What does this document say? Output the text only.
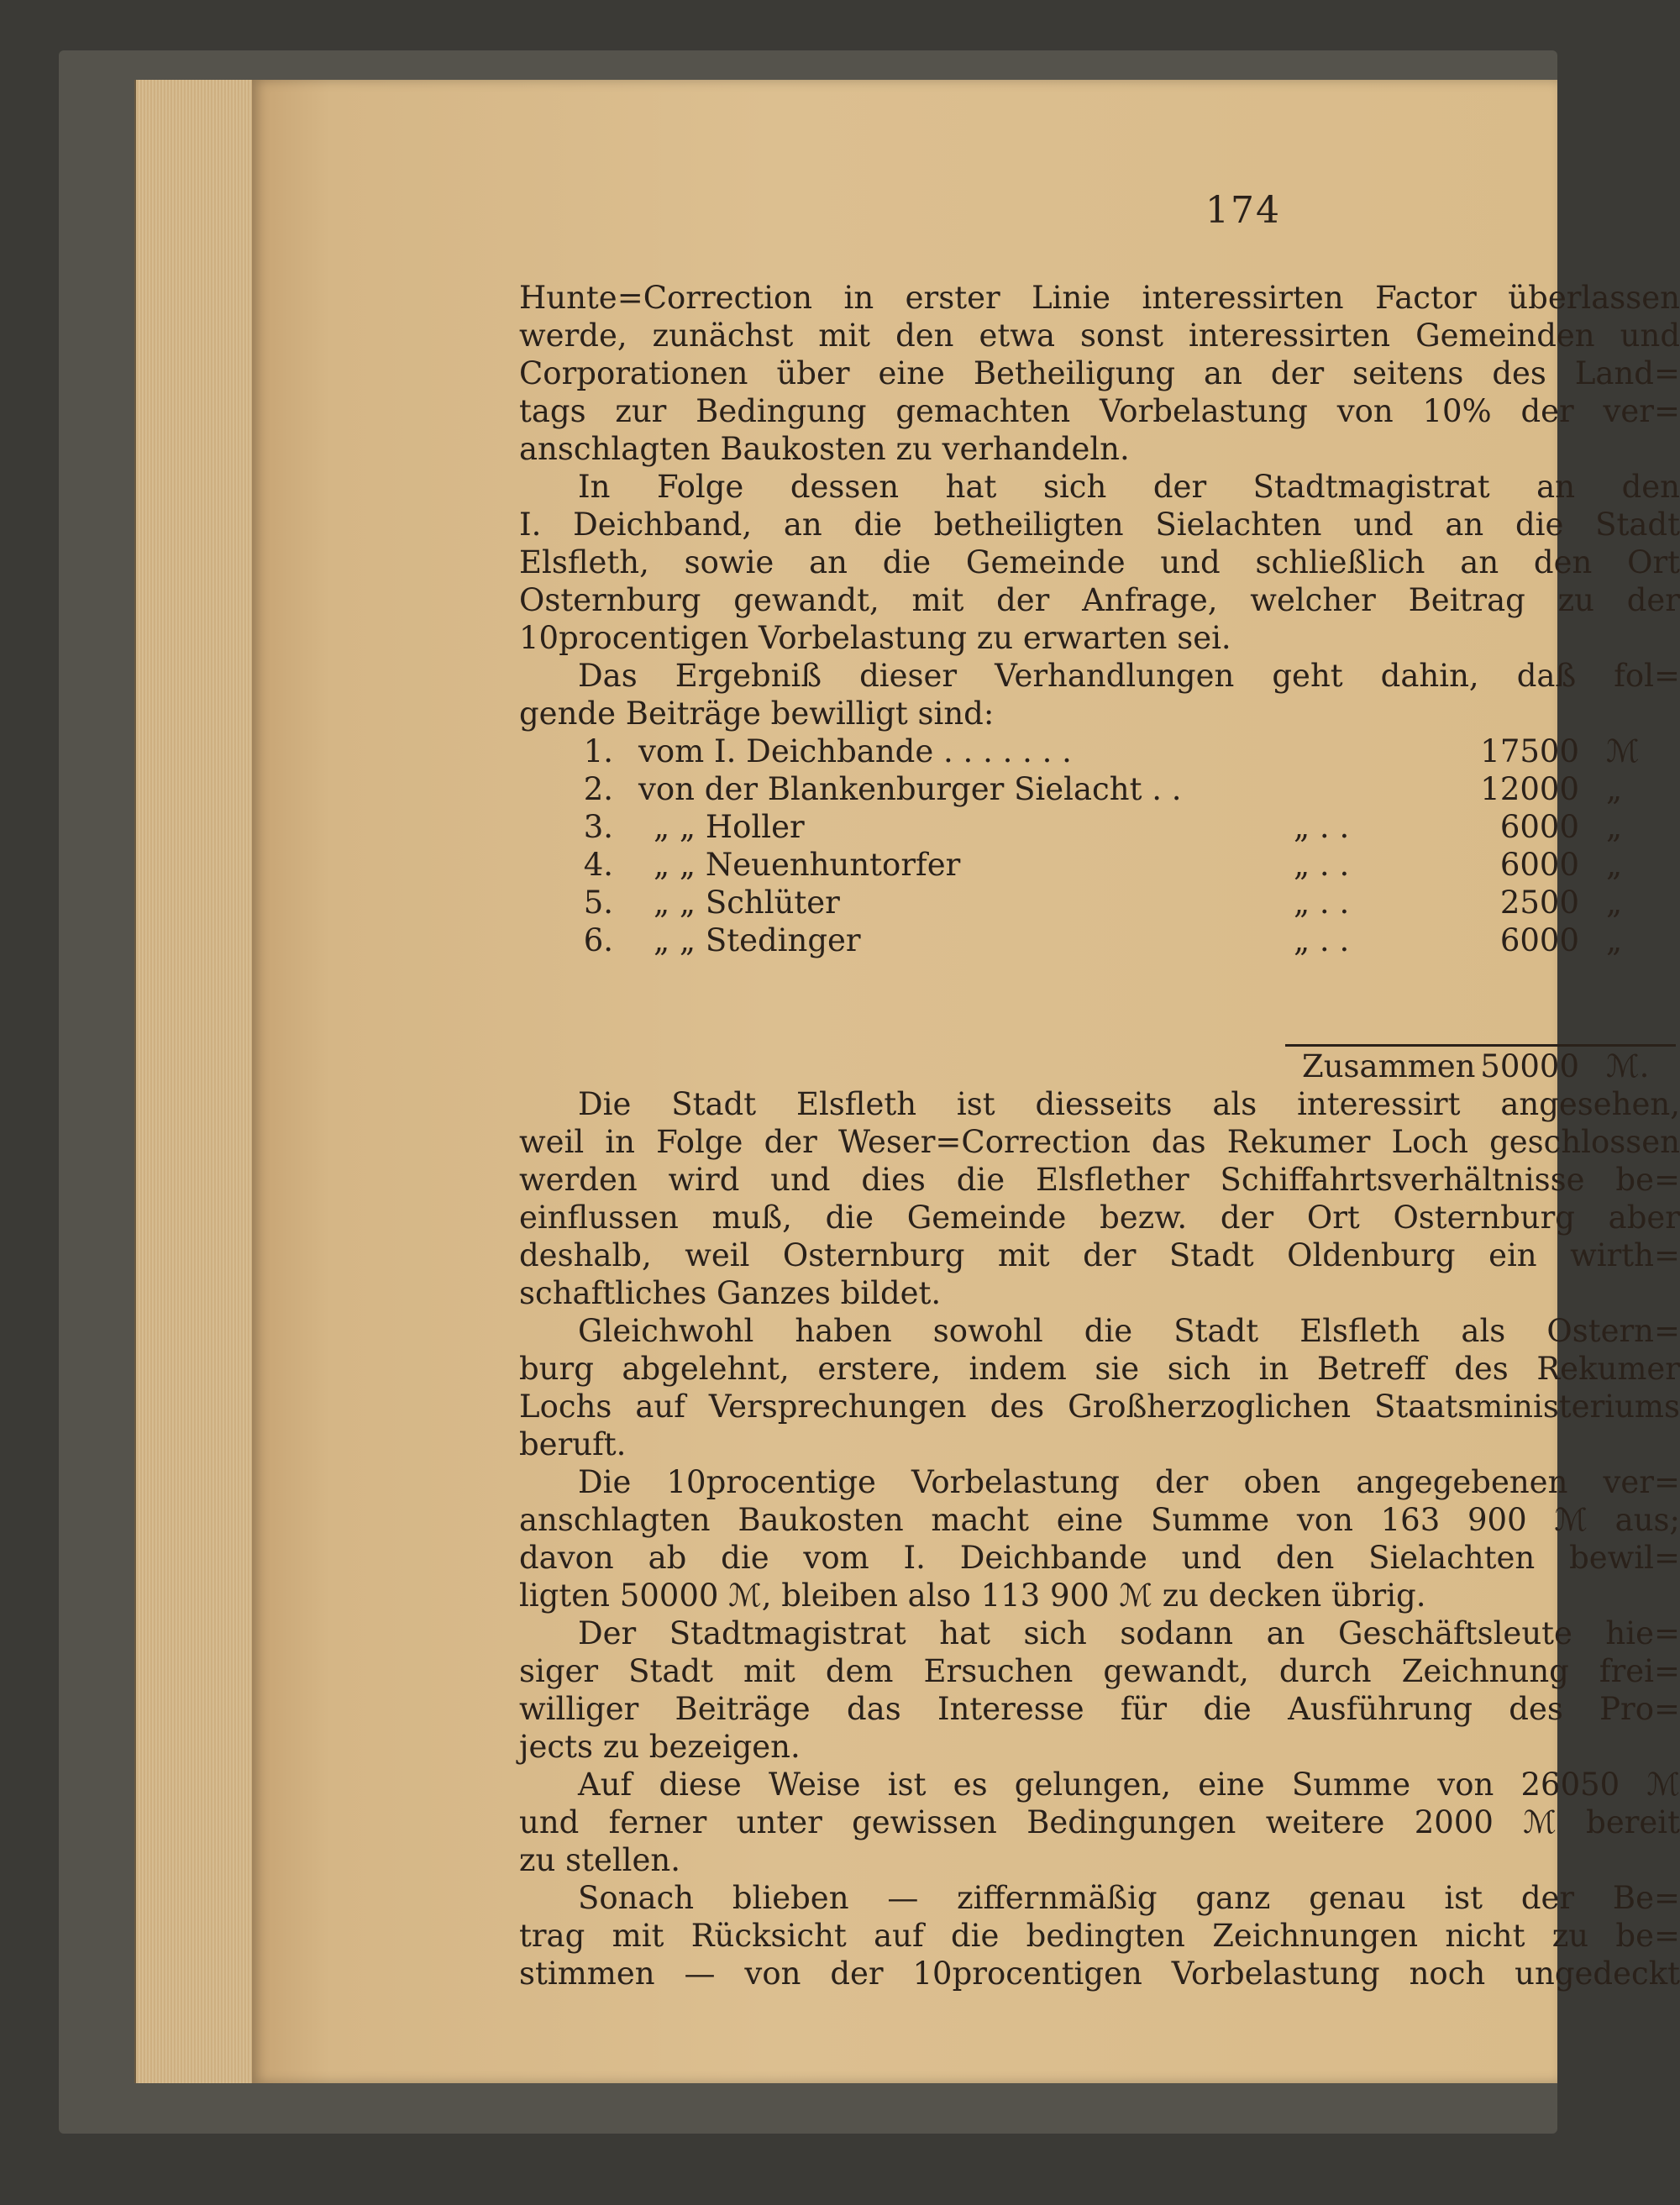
174
Hunte=Correction in erster Linie interessirten Factor überlassen
werde, zunächst mit den etwa sonst interessirten Gemeinden und
Corporationen über eine Betheiligung an der seitens des Land=
tags zur Bedingung gemachten Vorbelastung von 10% der ver=
anschlagten Baukosten zu verhandeln.
In Folge dessen hat sich der Stadtmagistrat an den
I. Deichband, an die betheiligten Sielachten und an die Stadt
Elsfleth, sowie an die Gemeinde und schließlich an den Ort
Osternburg gewandt, mit der Anfrage, welcher Beitrag zu der
10procentigen Vorbelastung zu erwarten sei.
Das Ergebniß dieser Verhandlungen geht dahin, daß fol=
gende Beiträge bewilligt sind:
1. vom I. Deichbande . . . . . . .	17500 ℳ
2. von der Blankenburger Sielacht . .	12000 „
3. „ „ Holler	„ . .	6000 „
4. „ „ Neuenhuntorfer	„ . .	6000 „
5. „ „ Schlüter	„ . .	2500 „
6. „ „ Stedinger	„ . .	6000 „
Zusammen 50000 ℳ.
Die Stadt Elsfleth ist diesseits als interessirt angesehen,
weil in Folge der Weser=Correction das Rekumer Loch geschlossen
werden wird und dies die Elsflether Schiffahrtsverhältnisse be=
einflussen muß, die Gemeinde bezw. der Ort Osternburg aber
deshalb, weil Osternburg mit der Stadt Oldenburg ein wirth=
schaftliches Ganzes bildet.
Gleichwohl haben sowohl die Stadt Elsfleth als Ostern=
burg abgelehnt, erstere, indem sie sich in Betreff des Rekumer
Lochs auf Versprechungen des Großherzoglichen Staatsministeriums
beruft.
Die 10procentige Vorbelastung der oben angegebenen ver=
anschlagten Baukosten macht eine Summe von 163 900 ℳ aus;
davon ab die vom I. Deichbande und den Sielachten bewil=
ligten 50000 ℳ, bleiben also 113 900 ℳ zu decken übrig.
Der Stadtmagistrat hat sich sodann an Geschäftsleute hie=
siger Stadt mit dem Ersuchen gewandt, durch Zeichnung frei=
williger Beiträge das Interesse für die Ausführung des Pro=
jects zu bezeigen.
Auf diese Weise ist es gelungen, eine Summe von 26050 ℳ
und ferner unter gewissen Bedingungen weitere 2000 ℳ bereit
zu stellen.
Sonach blieben — ziffernmäßig ganz genau ist der Be=
trag mit Rücksicht auf die bedingten Zeichnungen nicht zu be=
stimmen — von der 10procentigen Vorbelastung noch ungedeckt
